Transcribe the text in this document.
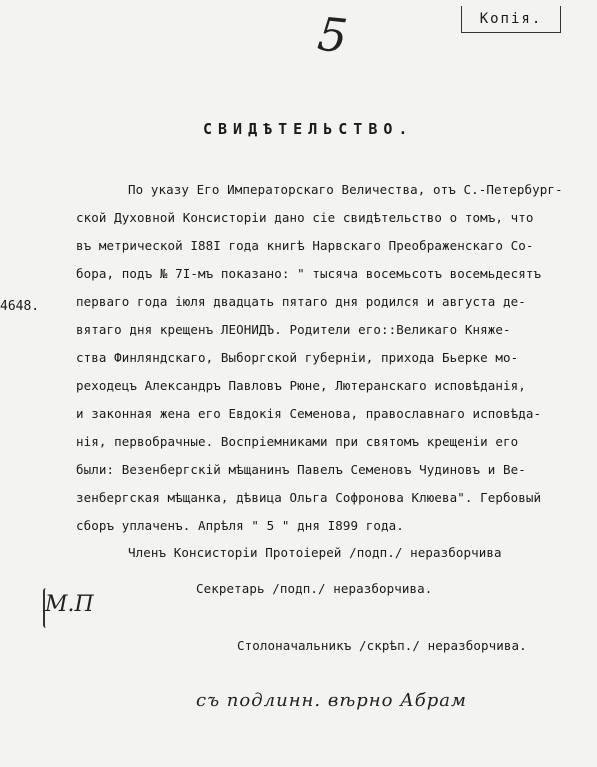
5	Копія.
СВИДѢТЕЛЬСТВО.
4648.
По указу Его Императорскаго Величества, отъ С.-Петербург-
ской Духовной Консисторіи дано сіе свидѣтельство о томъ, что
въ метрической I88I года книгѣ Нарвскаго Преображенскаго Со-
бора, подъ № 7I-мъ показано: " тысяча восемьсотъ восемьдесятъ
перваго года іюля двадцать пятаго дня родился и августа де-
вятаго дня крещенъ ЛЕОНИДЪ. Родители его::Великаго Княже-
ства Финляндскаго, Выборгской губерніи, прихода Бьерке мо-
реходецъ Александръ Павловъ Рюне, Лютеранскаго исповѣданія,
и законная жена его Евдокія Семенова, православнаго исповѣда-
нія, первобрачные. Воспріемниками при святомъ крещеніи его
были: Везенбергскій мѣщанинъ Павелъ Семеновъ Чудиновъ и Ве-
зенбергская мѣщанка, дѣвица Ольга Софронова Клюева". Гербовый
сборъ уплаченъ. Апрѣля " 5 " дня I899 года.
Членъ Консисторіи Протоіерей /подп./ неразборчива
Секретарь /подп./ неразборчива.
Столоначальникъ /скрѣп./ неразборчива.
М.П
съ подлинн. вѣрно Абрам
